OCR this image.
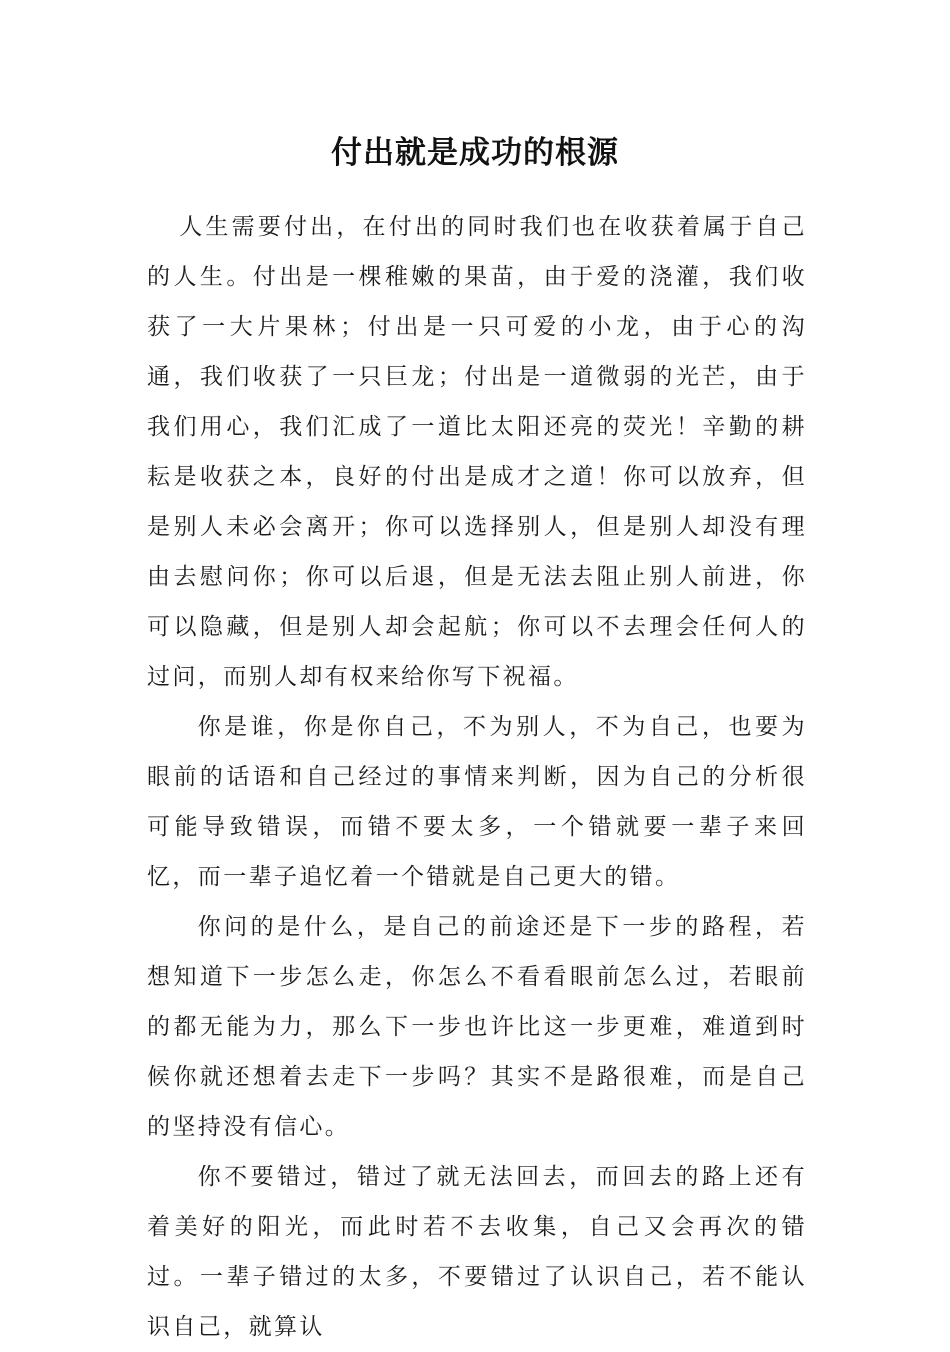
付出就是成功的根源

人生需要付出，在付出的同时我们也在收获着属于自己的人生。付出是一棵稚嫩的果苗，由于爱的浇灌，我们收获了一大片果林；付出是一只可爱的小龙，由于心的沟通，我们收获了一只巨龙；付出是一道微弱的光芒，由于我们用心，我们汇成了一道比太阳还亮的荧光！辛勤的耕耘是收获之本，良好的付出是成才之道！你可以放弃，但是别人未必会离开；你可以选择别人，但是别人却没有理由去慰问你；你可以后退，但是无法去阻止别人前进，你可以隐藏，但是别人却会起航；你可以不去理会任何人的过问，而别人却有权来给你写下祝福。

你是谁，你是你自己，不为别人，不为自己，也要为眼前的话语和自己经过的事情来判断，因为自己的分析很可能导致错误，而错不要太多，一个错就要一辈子来回忆，而一辈子追忆着一个错就是自己更大的错。

你问的是什么，是自己的前途还是下一步的路程，若想知道下一步怎么走，你怎么不看看眼前怎么过，若眼前的都无能为力，那么下一步也许比这一步更难，难道到时候你就还想着去走下一步吗？其实不是路很难，而是自己的坚持没有信心。

你不要错过，错过了就无法回去，而回去的路上还有着美好的阳光，而此时若不去收集，自己又会再次的错过。一辈子错过的太多，不要错过了认识自己，若不能认识自己，就算认
